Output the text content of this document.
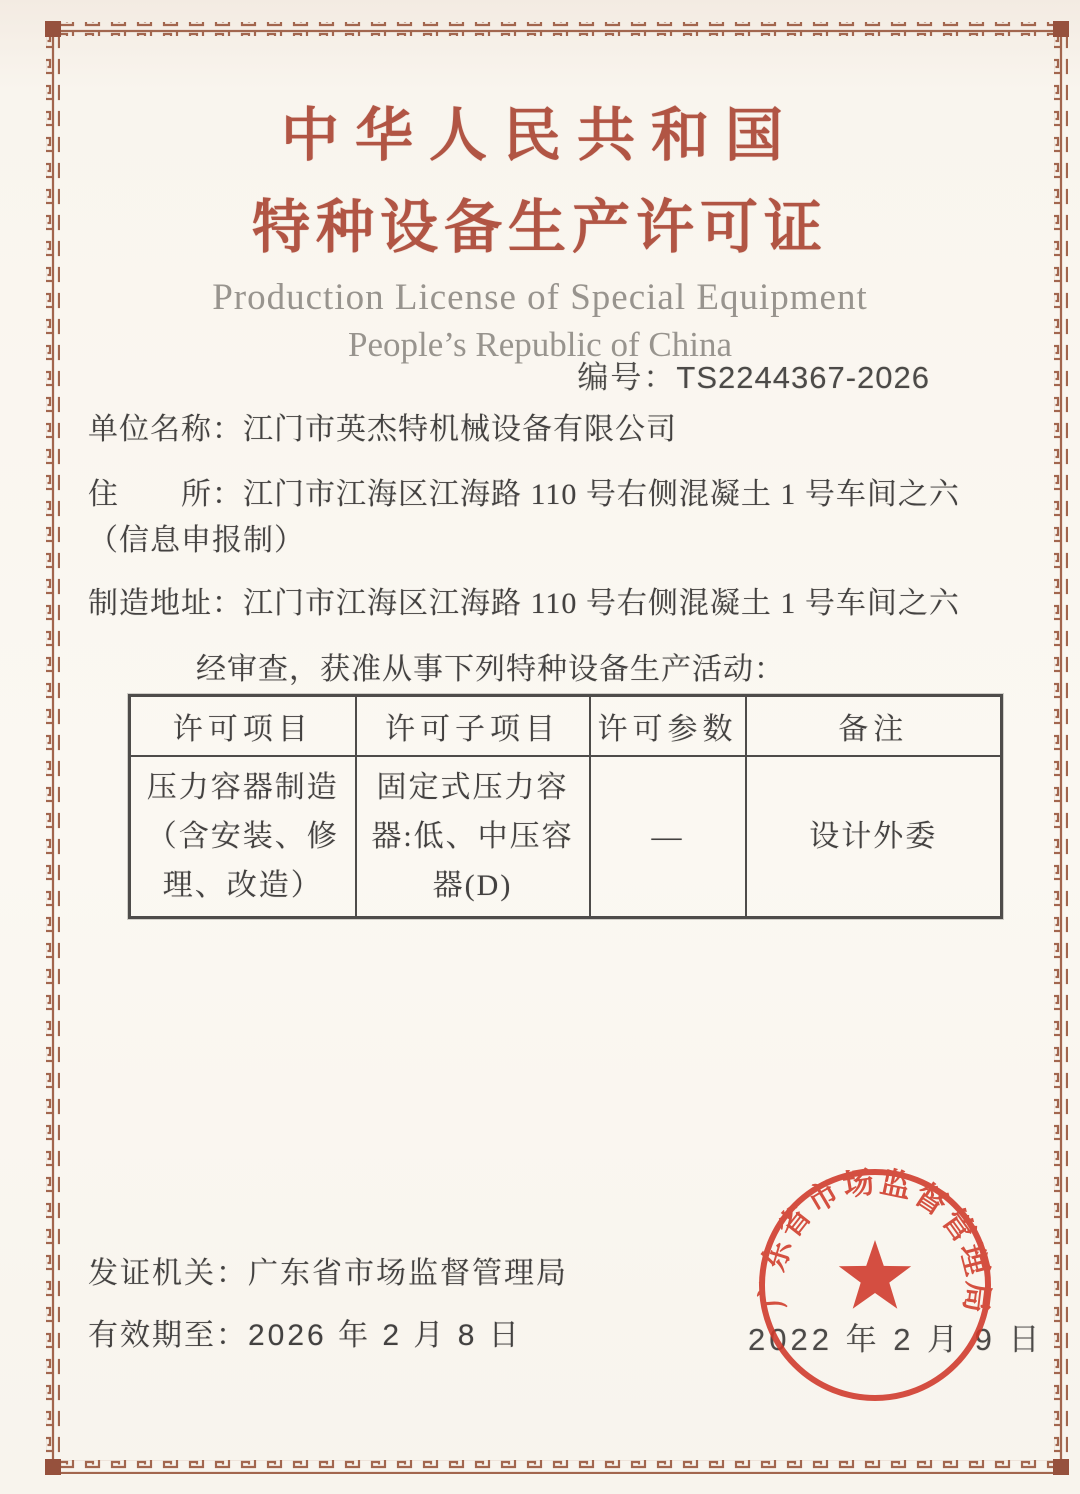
中华人民共和国
特种设备生产许可证
Production License of Special Equipment
People’s Republic of China
编号：TS2244367-2026
单位名称：江门市英杰特机械设备有限公司
住　　所：江门市江海区江海路 110 号右侧混凝土 1 号车间之六（信息申报制）
制造地址：江门市江海区江海路 110 号右侧混凝土 1 号车间之六
经审查，获准从事下列特种设备生产活动：
许可项目	许可子项目	许可参数	备注
压力容器制造（含安装、修理、改造）	固定式压力容器:低、中压容器(D)	—	设计外委
发证机关：广东省市场监督管理局
有效期至：2026 年 2 月 8 日	2022 年 2 月 9 日
广东省市场监督管理局
